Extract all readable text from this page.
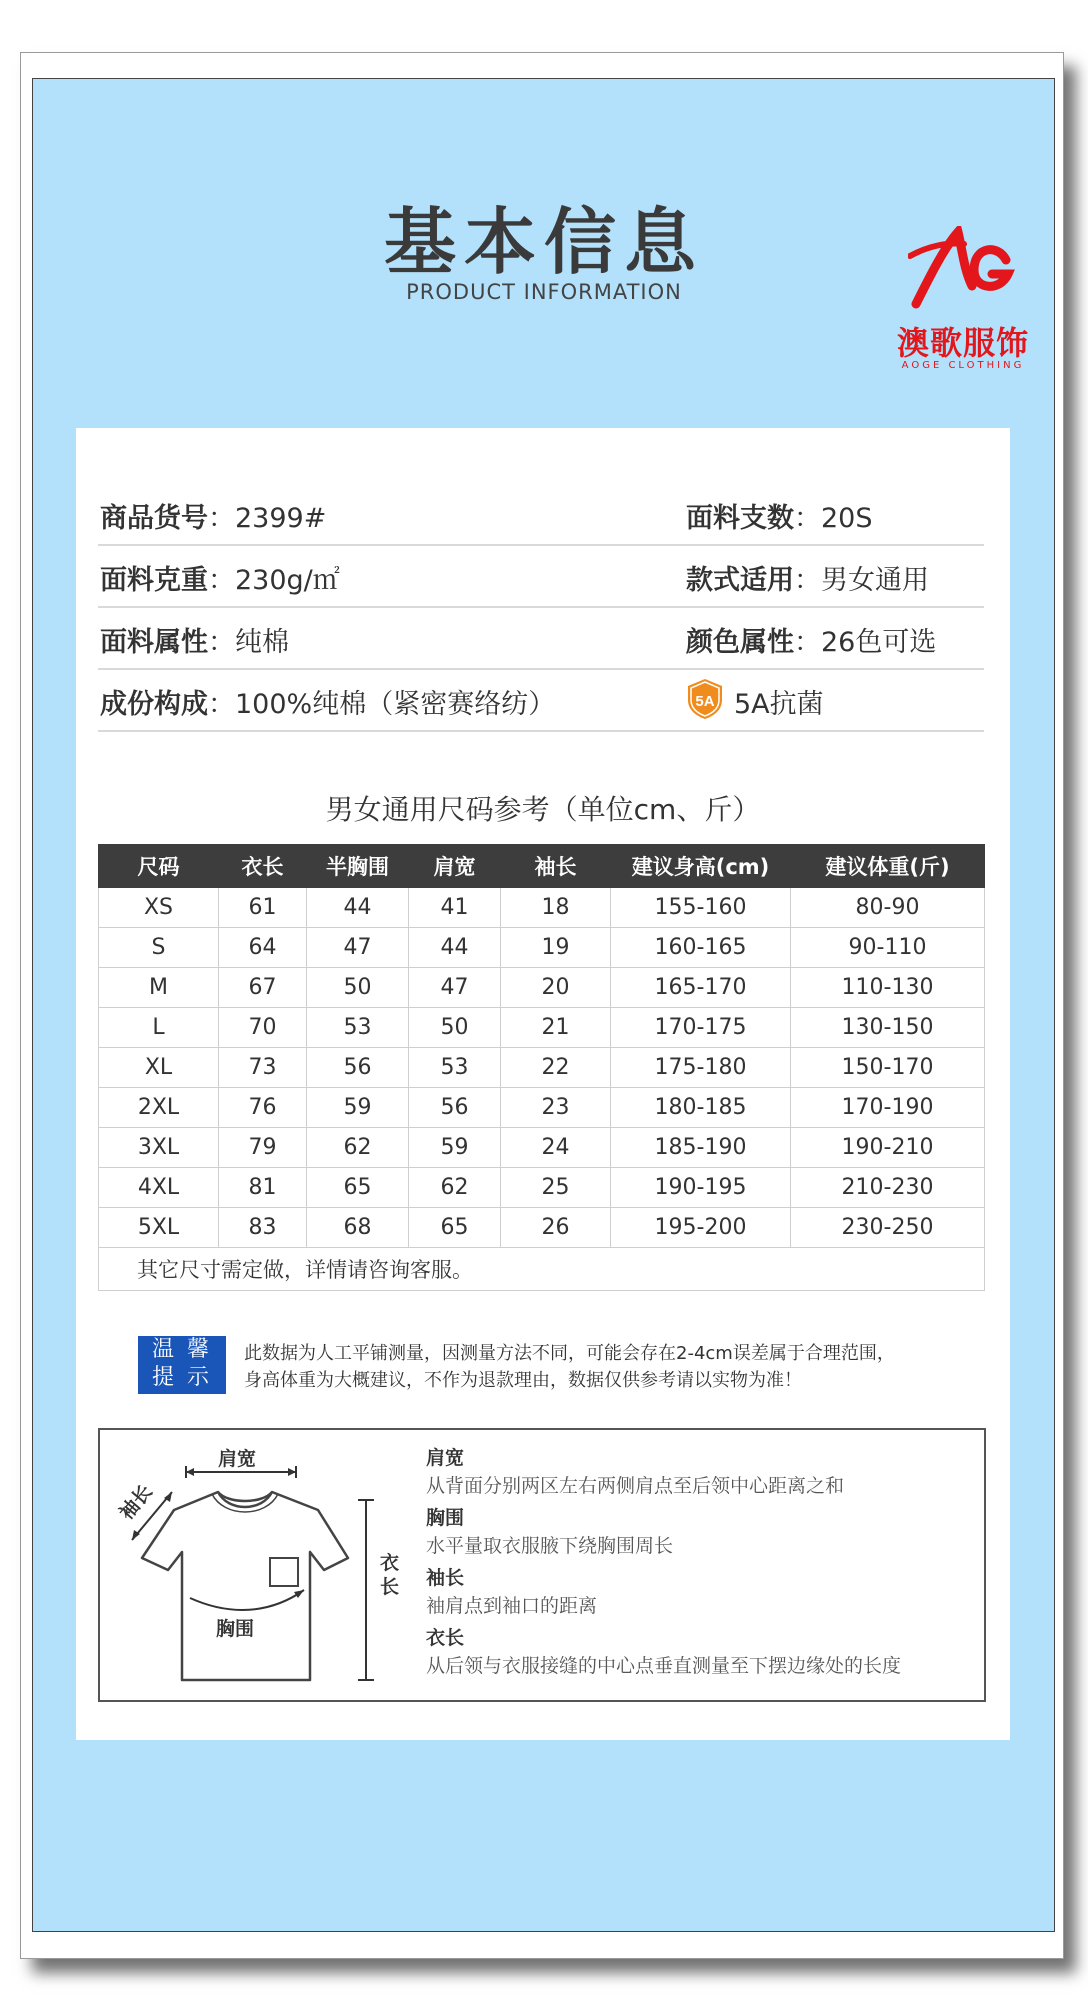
基本信息
PRODUCT INFORMATION
澳歌服饰
AOGE CLOTHING
商品货号：2399#	面料支数：20S
面料克重：230g/㎡	款式适用：男女通用
面料属性：纯棉	颜色属性：26色可选
成份构成：100%纯棉（紧密赛络纺）	5A 5A抗菌
男女通用尺码参考（单位cm、斤）
尺码	衣长	半胸围	肩宽	袖长	建议身高(cm)	建议体重(斤)
XS	61	44	41	18	155-160	80-90
S	64	47	44	19	160-165	90-110
M	67	50	47	20	165-170	110-130
L	70	53	50	21	170-175	130-150
XL	73	56	53	22	175-180	150-170
2XL	76	59	56	23	180-185	170-190
3XL	79	62	59	24	185-190	190-210
4XL	81	65	62	25	190-195	210-230
5XL	83	68	65	26	195-200	230-250
其它尺寸需定做，详情请咨询客服。						
温 馨
提 示
此数据为人工平铺测量，因测量方法不同，可能会存在2-4cm误差属于合理范围，
身高体重为大概建议，不作为退款理由，数据仅供参考请以实物为准！
肩宽
袖长
胸围
衣
长
肩宽
从背面分别两区左右两侧肩点至后领中心距离之和
胸围
水平量取衣服腋下绕胸围周长
袖长
袖肩点到袖口的距离
衣长
从后领与衣服接缝的中心点垂直测量至下摆边缘处的长度
